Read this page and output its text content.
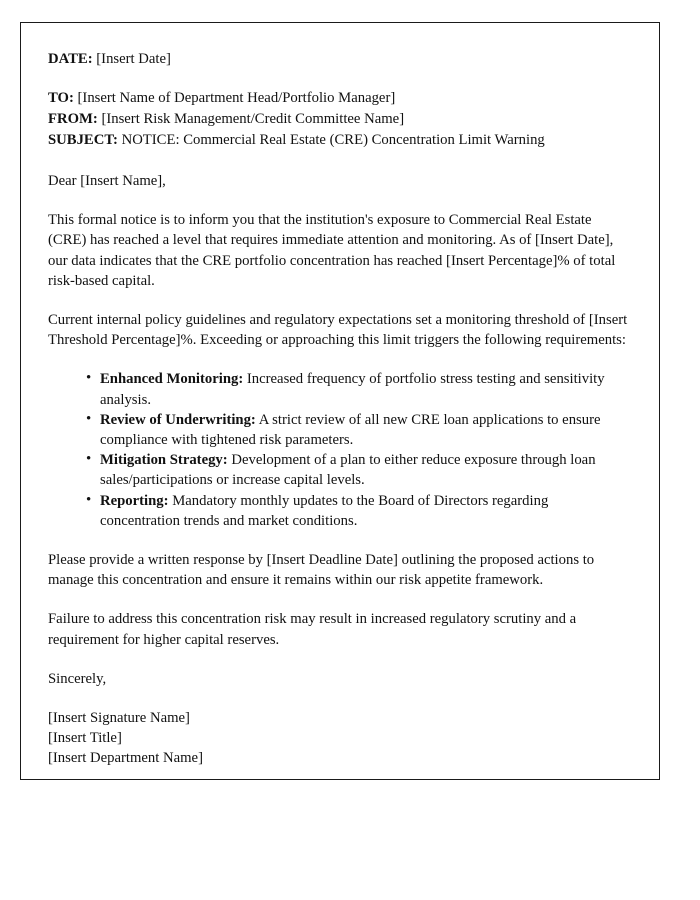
DATE: [Insert Date]

TO: [Insert Name of Department Head/Portfolio Manager]

FROM: [Insert Risk Management/Credit Committee Name]

SUBJECT: NOTICE: Commercial Real Estate (CRE) Concentration Limit Warning

Dear [Insert Name],

This formal notice is to inform you that the institution's exposure to Commercial Real Estate (CRE) has reached a level that requires immediate attention and monitoring. As of [Insert Date], our data indicates that the CRE portfolio concentration has reached [Insert Percentage]% of total risk-based capital.

Current internal policy guidelines and regulatory expectations set a monitoring threshold of [Insert Threshold Percentage]%. Exceeding or approaching this limit triggers the following requirements:

• Enhanced Monitoring: Increased frequency of portfolio stress testing and sensitivity analysis.
• Review of Underwriting: A strict review of all new CRE loan applications to ensure compliance with tightened risk parameters.
• Mitigation Strategy: Development of a plan to either reduce exposure through loan sales/participations or increase capital levels.
• Reporting: Mandatory monthly updates to the Board of Directors regarding concentration trends and market conditions.

Please provide a written response by [Insert Deadline Date] outlining the proposed actions to manage this concentration and ensure it remains within our risk appetite framework.

Failure to address this concentration risk may result in increased regulatory scrutiny and a requirement for higher capital reserves.

Sincerely,

[Insert Signature Name]

[Insert Title]

[Insert Department Name]
